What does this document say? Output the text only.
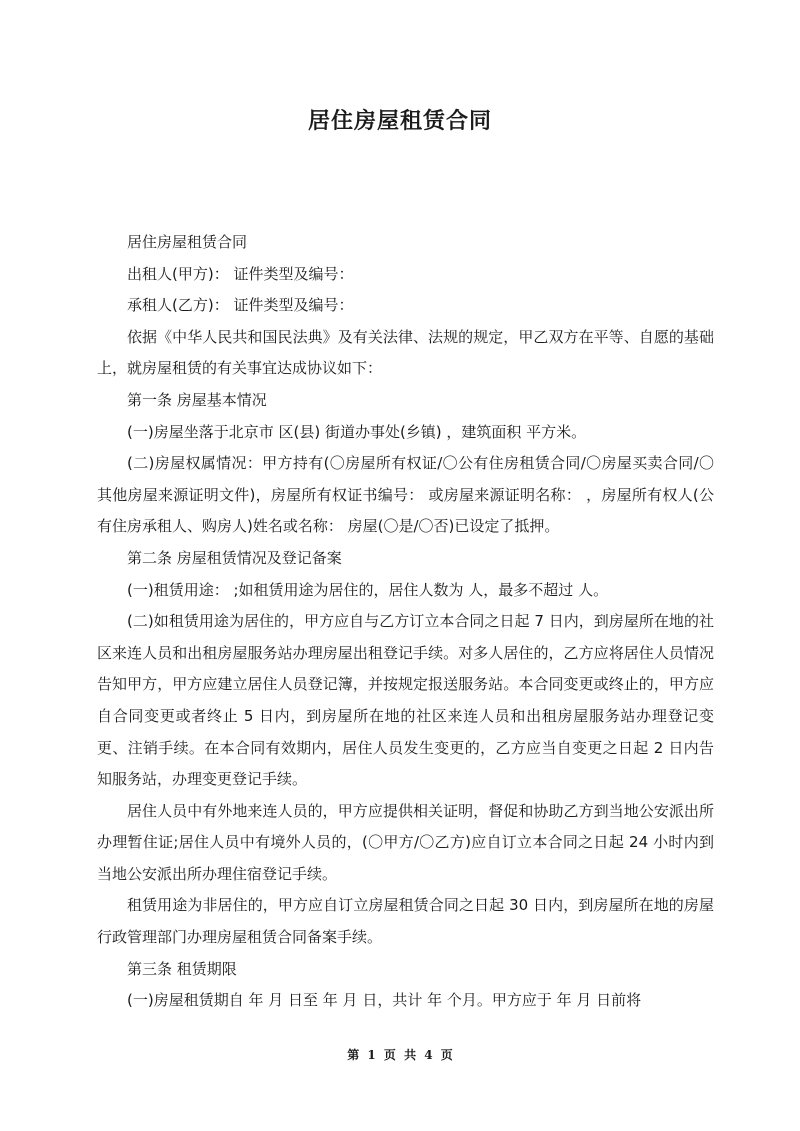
居住房屋租赁合同

居住房屋租赁合同

出租人(甲方)： 证件类型及编号：

承租人(乙方)： 证件类型及编号：

依据《中华人民共和国民法典》及有关法律、法规的规定，甲乙双方在平等、自愿的基础上，就房屋租赁的有关事宜达成协议如下：

第一条 房屋基本情况

(一)房屋坐落于北京市 区(县) 街道办事处(乡镇) ，建筑面积 平方米。

(二)房屋权属情况：甲方持有(〇房屋所有权证/〇公有住房租赁合同/〇房屋买卖合同/〇其他房屋来源证明文件)，房屋所有权证书编号： 或房屋来源证明名称： ，房屋所有权人(公有住房承租人、购房人)姓名或名称： 房屋(〇是/〇否)已设定了抵押。

第二条 房屋租赁情况及登记备案

(一)租赁用途： ;如租赁用途为居住的，居住人数为 人，最多不超过 人。

(二)如租赁用途为居住的，甲方应自与乙方订立本合同之日起 7 日内，到房屋所在地的社区来连人员和出租房屋服务站办理房屋出租登记手续。对多人居住的，乙方应将居住人员情况告知甲方，甲方应建立居住人员登记簿，并按规定报送服务站。本合同变更或终止的，甲方应自合同变更或者终止 5 日内，到房屋所在地的社区来连人员和出租房屋服务站办理登记变更、注销手续。在本合同有效期内，居住人员发生变更的，乙方应当自变更之日起 2 日内告知服务站，办理变更登记手续。

居住人员中有外地来连人员的，甲方应提供相关证明，督促和协助乙方到当地公安派出所办理暂住证;居住人员中有境外人员的，(〇甲方/〇乙方)应自订立本合同之日起 24 小时内到当地公安派出所办理住宿登记手续。

租赁用途为非居住的，甲方应自订立房屋租赁合同之日起 30 日内，到房屋所在地的房屋行政管理部门办理房屋租赁合同备案手续。

第三条 租赁期限

(一)房屋租赁期自 年 月 日至 年 月 日，共计 年 个月。甲方应于 年 月 日前将

第 1 页 共 4 页
